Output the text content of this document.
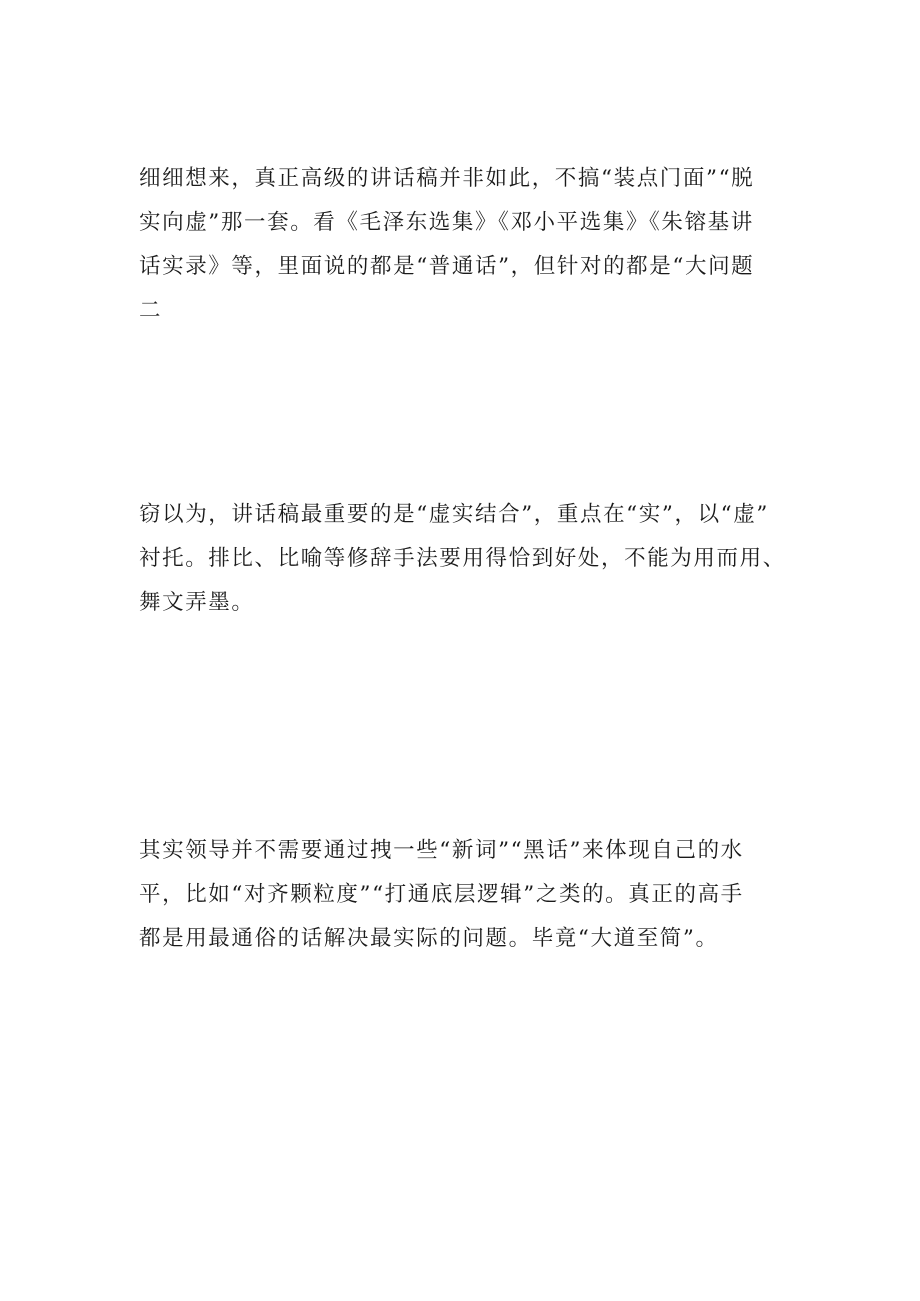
细细想来，真正高级的讲话稿并非如此，不搞“装点门面”“脱
实向虚”那一套。看《毛泽东选集》《邓小平选集》《朱镕基讲
话实录》等，里面说的都是“普通话”，但针对的都是“大问题
二
窃以为，讲话稿最重要的是“虚实结合”，重点在“实”，以“虚”
衬托。排比、比喻等修辞手法要用得恰到好处，不能为用而用、
舞文弄墨。
其实领导并不需要通过拽一些“新词”“黑话”来体现自己的水
平，比如“对齐颗粒度”“打通底层逻辑”之类的。真正的高手
都是用最通俗的话解决最实际的问题。毕竟“大道至简”。
